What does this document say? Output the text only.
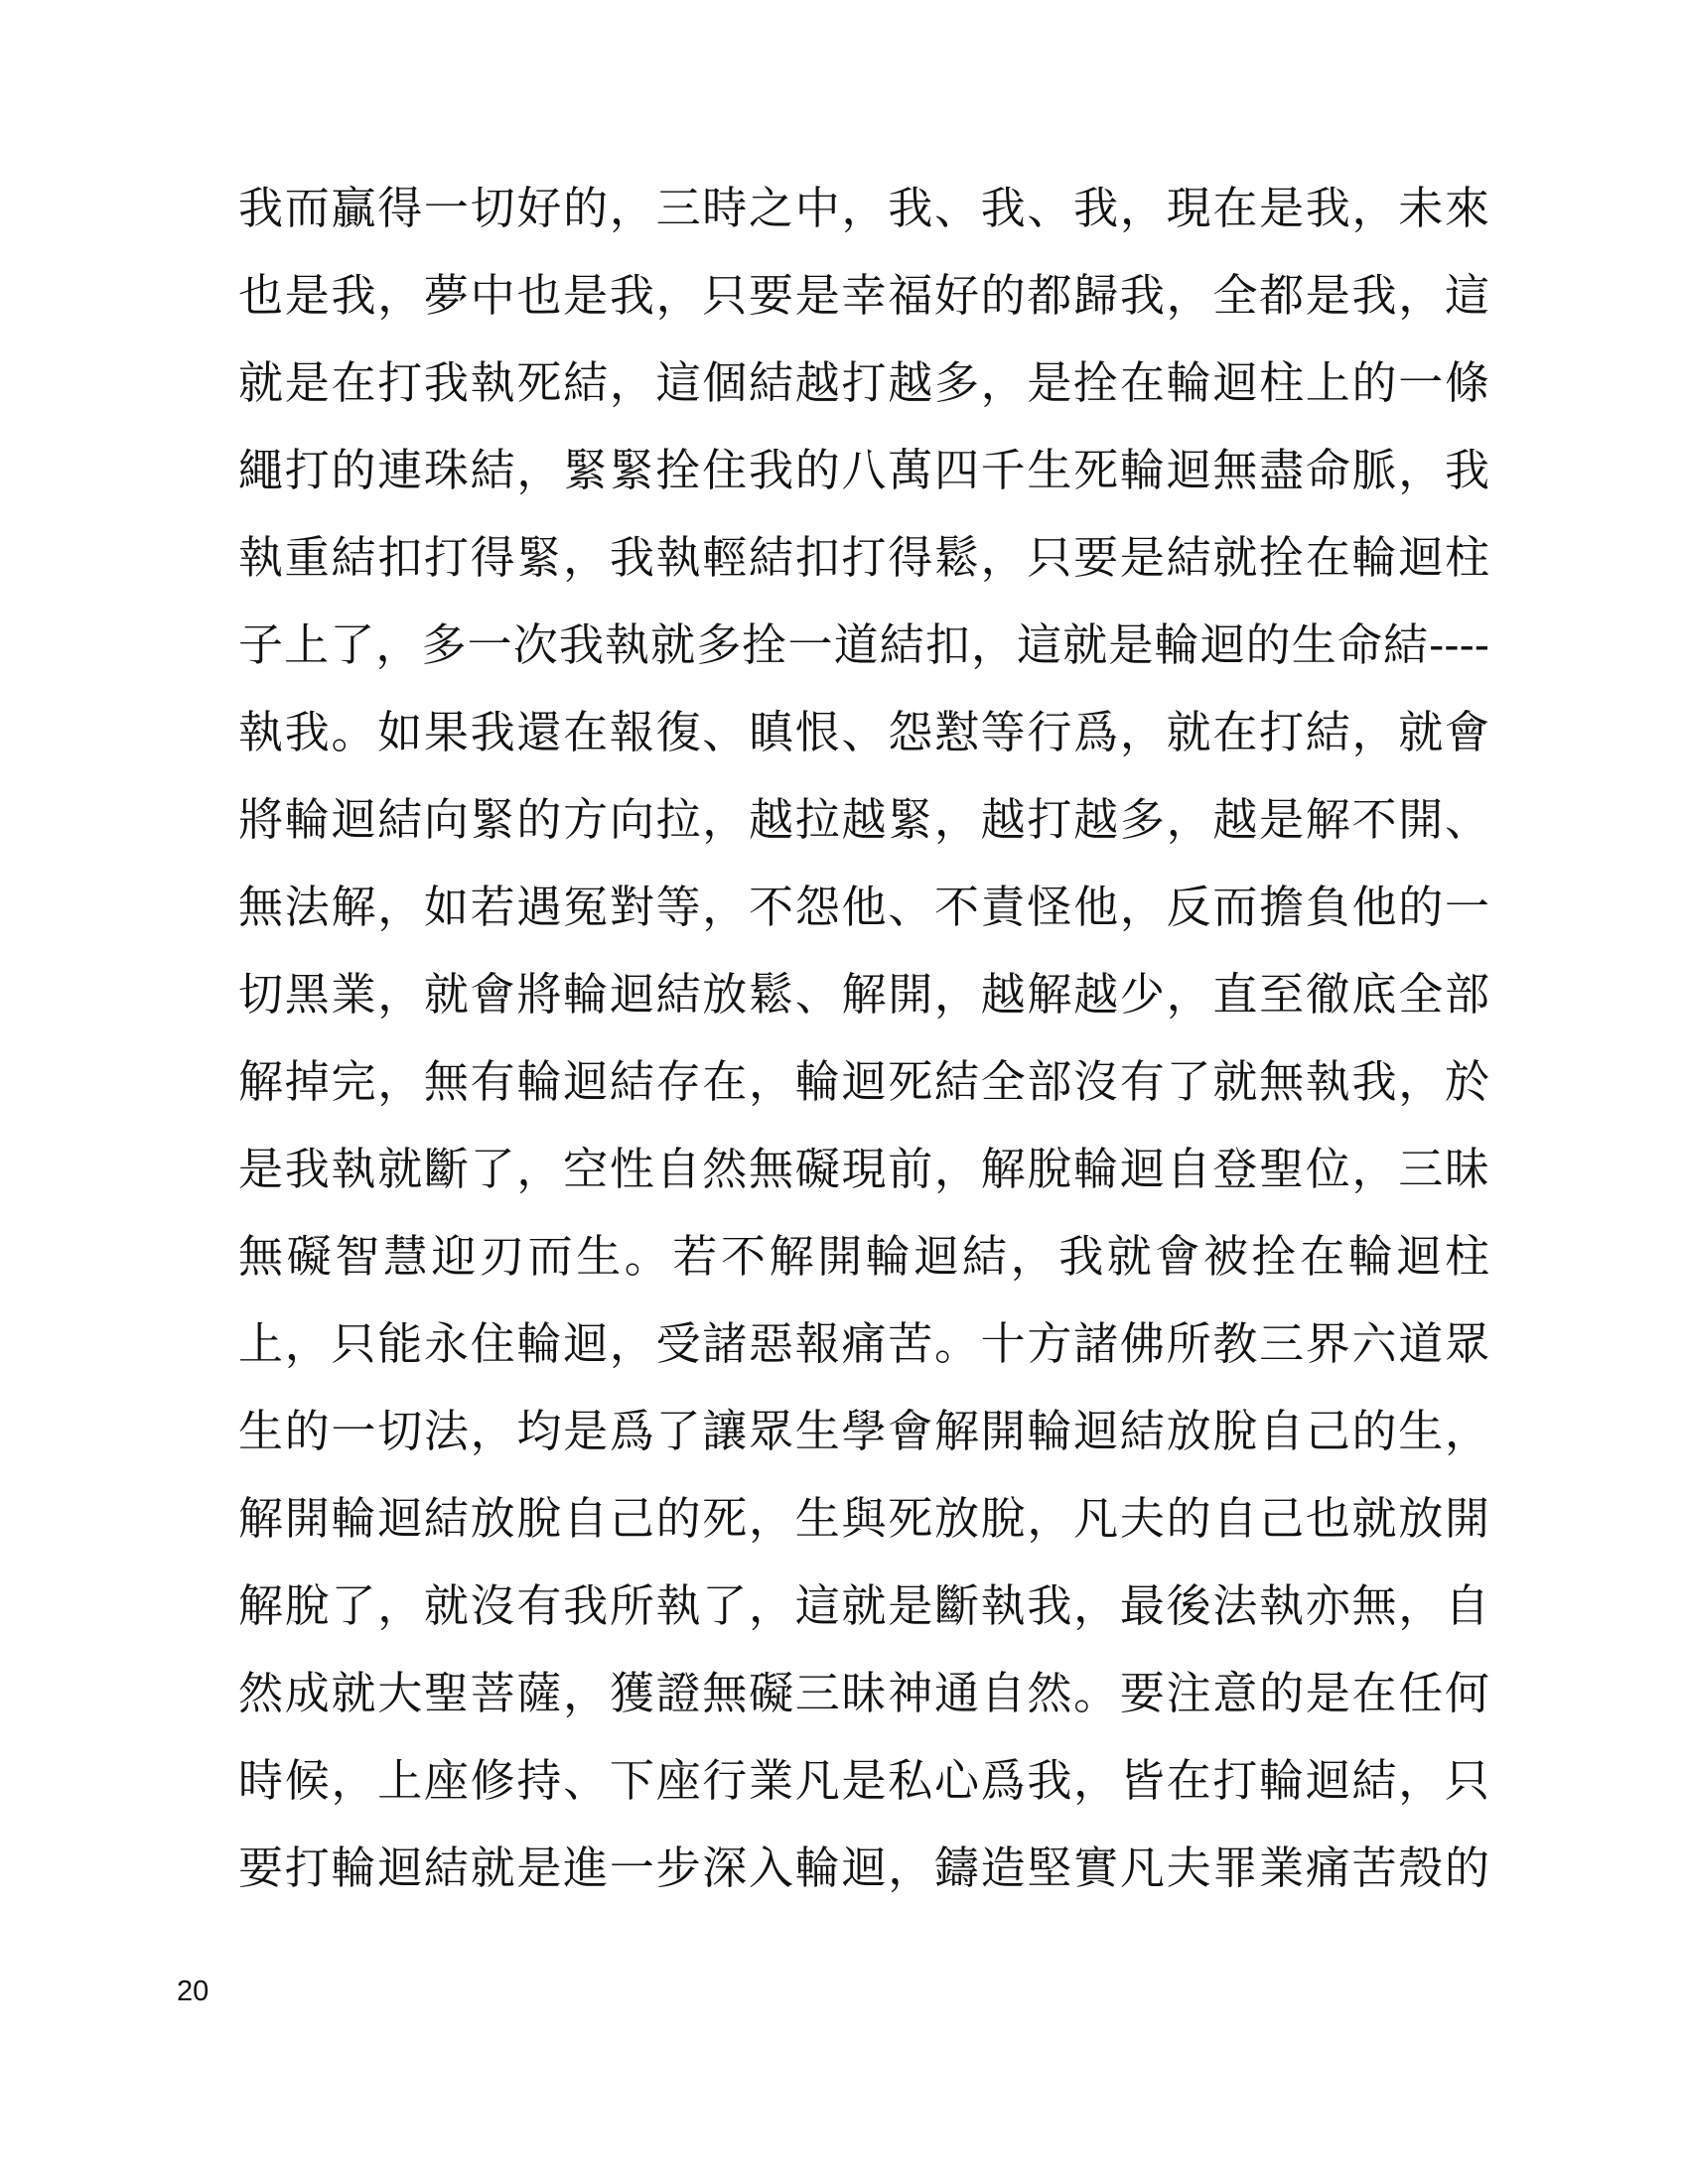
我而贏得一切好的，三時之中，我、我、我，現在是我，未來
也是我，夢中也是我，只要是幸福好的都歸我，全都是我，這
就是在打我執死結，這個結越打越多，是拴在輪迴柱上的一條
繩打的連珠結，緊緊拴住我的八萬四千生死輪迴無盡命脈，我
執重結扣打得緊，我執輕結扣打得鬆，只要是結就拴在輪迴柱
子上了，多一次我執就多拴一道結扣，這就是輪迴的生命結----
執我。如果我還在報復、瞋恨、怨懟等行爲，就在打結，就會
將輪迴結向緊的方向拉，越拉越緊，越打越多，越是解不開、
無法解，如若遇冤對等，不怨他、不責怪他，反而擔負他的一
切黑業，就會將輪迴結放鬆、解開，越解越少，直至徹底全部
解掉完，無有輪迴結存在，輪迴死結全部沒有了就無執我，於
是我執就斷了，空性自然無礙現前，解脫輪迴自登聖位，三昧
無礙智慧迎刃而生。若不解開輪迴結，我就會被拴在輪迴柱
上，只能永住輪迴，受諸惡報痛苦。十方諸佛所教三界六道眾
生的一切法，均是爲了讓眾生學會解開輪迴結放脫自己的生，
解開輪迴結放脫自己的死，生與死放脫，凡夫的自己也就放開
解脫了，就沒有我所執了，這就是斷執我，最後法執亦無，自
然成就大聖菩薩，獲證無礙三昧神通自然。要注意的是在任何
時候，上座修持、下座行業凡是私心爲我，皆在打輪迴結，只
要打輪迴結就是進一步深入輪迴，鑄造堅實凡夫罪業痛苦殼的
20
